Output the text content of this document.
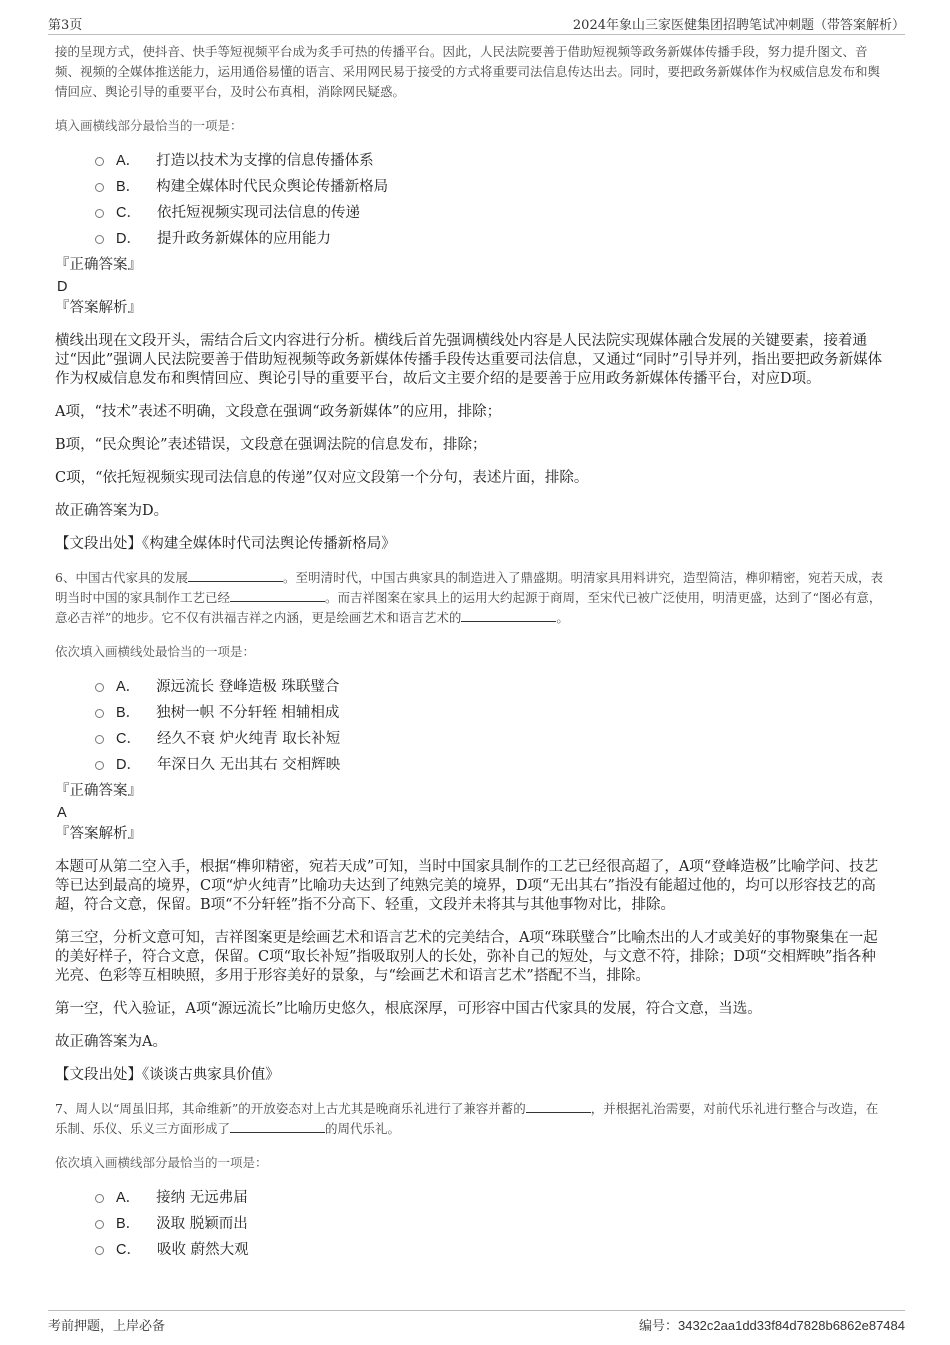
第3页	2024年象山三家医健集团招聘笔试冲刺题（带答案解析）

接的呈现方式，使抖音、快手等短视频平台成为炙手可热的传播平台。因此，人民法院要善于借助短视频等政务新媒体传播手段，努力提升图文、音频、视频的全媒体推送能力，运用通俗易懂的语言、采用网民易于接受的方式将重要司法信息传达出去。同时，要把政务新媒体作为权威信息发布和舆情回应、舆论引导的重要平台，及时公布真相，消除网民疑惑。

填入画横线部分最恰当的一项是：
A． 打造以技术为支撑的信息传播体系
B． 构建全媒体时代民众舆论传播新格局
C． 依托短视频实现司法信息的传递
D． 提升政务新媒体的应用能力
『正确答案』
D
『答案解析』

横线出现在文段开头，需结合后文内容进行分析。横线后首先强调横线处内容是人民法院实现媒体融合发展的关键要素，接着通过“因此”强调人民法院要善于借助短视频等政务新媒体传播手段传达重要司法信息，又通过“同时”引导并列，指出要把政务新媒体作为权威信息发布和舆情回应、舆论引导的重要平台，故后文主要介绍的是要善于应用政务新媒体传播平台，对应D项。

A项，“技术”表述不明确，文段意在强调“政务新媒体”的应用，排除；

B项，“民众舆论”表述错误，文段意在强调法院的信息发布，排除；

C项，“依托短视频实现司法信息的传递”仅对应文段第一个分句，表述片面，排除。

故正确答案为D。

【文段出处】《构建全媒体时代司法舆论传播新格局》

6、中国古代家具的发展	。至明清时代，中国古典家具的制造进入了鼎盛期。明清家具用料讲究，造型简洁，榫卯精密，宛若天成，表明当时中国的家具制作工艺已经	。而吉祥图案在家具上的运用大约起源于商周，至宋代已被广泛使用，明清更盛，达到了“图必有意，意必吉祥”的地步。它不仅有洪福吉祥之内涵，更是绘画艺术和语言艺术的	。

依次填入画横线处最恰当的一项是：
A． 源远流长 登峰造极 珠联璧合
B． 独树一帜 不分轩轾 相辅相成
C． 经久不衰 炉火纯青 取长补短
D． 年深日久 无出其右 交相辉映
『正确答案』
A
『答案解析』

本题可从第二空入手，根据“榫卯精密，宛若天成”可知，当时中国家具制作的工艺已经很高超了，A项“登峰造极”比喻学问、技艺等已达到最高的境界，C项“炉火纯青”比喻功夫达到了纯熟完美的境界，D项“无出其右”指没有能超过他的，均可以形容技艺的高超，符合文意，保留。B项“不分轩轾”指不分高下、轻重，文段并未将其与其他事物对比，排除。

第三空，分析文意可知，吉祥图案更是绘画艺术和语言艺术的完美结合，A项“珠联璧合”比喻杰出的人才或美好的事物聚集在一起的美好样子，符合文意，保留。C项“取长补短”指吸取别人的长处，弥补自己的短处，与文意不符，排除；D项“交相辉映”指各种光亮、色彩等互相映照，多用于形容美好的景象，与“绘画艺术和语言艺术”搭配不当，排除。

第一空，代入验证，A项“源远流长”比喻历史悠久，根底深厚，可形容中国古代家具的发展，符合文意，当选。

故正确答案为A。

【文段出处】《谈谈古典家具价值》

7、周人以“周虽旧邦，其命维新”的开放姿态对上古尤其是晚商乐礼进行了兼容并蓄的	，并根据礼治需要，对前代乐礼进行整合与改造，在乐制、乐仪、乐义三方面形成了	的周代乐礼。

依次填入画横线部分最恰当的一项是：
A． 接纳 无远弗届
B． 汲取 脱颖而出
C． 吸收 蔚然大观
考前押题，上岸必备	编号：3432c2aa1dd33f84d7828b6862e87484
